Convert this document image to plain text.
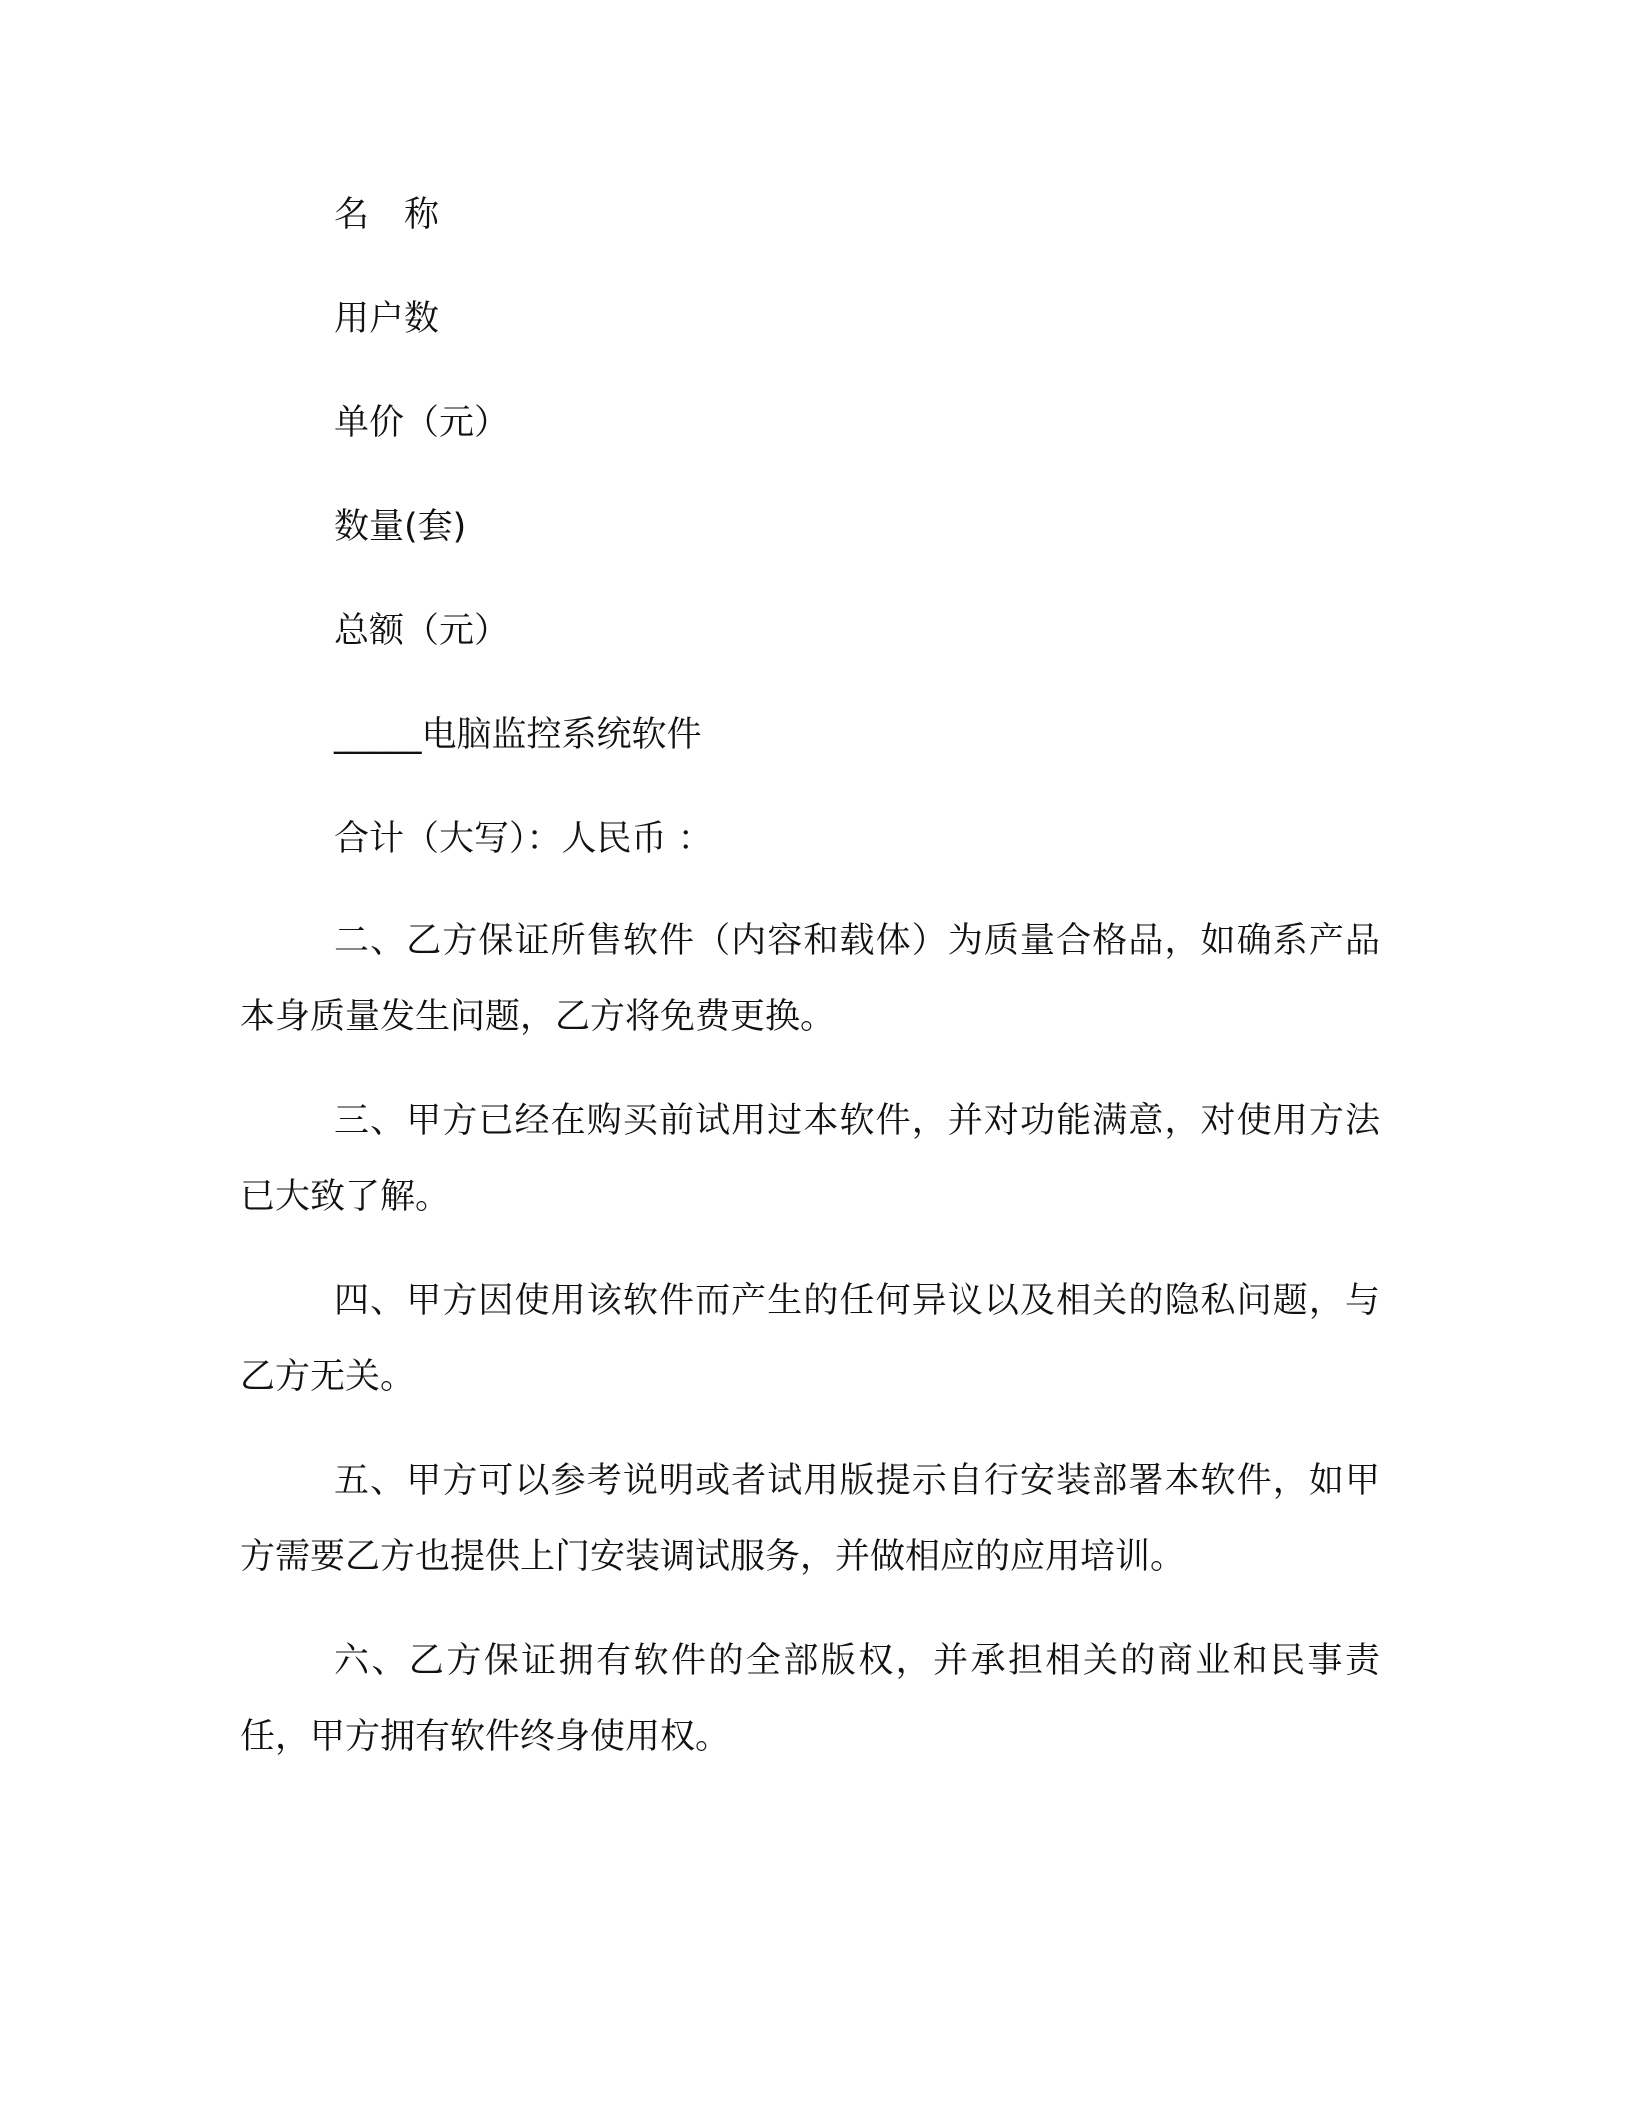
名　称
用户数
单价（元）
数量(套)
总额（元）
_____电脑监控系统软件
合计（大写）：人民币 ：

二、乙方保证所售软件（内容和载体）为质量合格品，如确系产品本身质量发生问题，乙方将免费更换。

三、甲方已经在购买前试用过本软件，并对功能满意，对使用方法已大致了解。

四、甲方因使用该软件而产生的任何异议以及相关的隐私问题，与乙方无关。

五、甲方可以参考说明或者试用版提示自行安装部署本软件，如甲方需要乙方也提供上门安装调试服务，并做相应的应用培训。

六、乙方保证拥有软件的全部版权，并承担相关的商业和民事责任，甲方拥有软件终身使用权。
